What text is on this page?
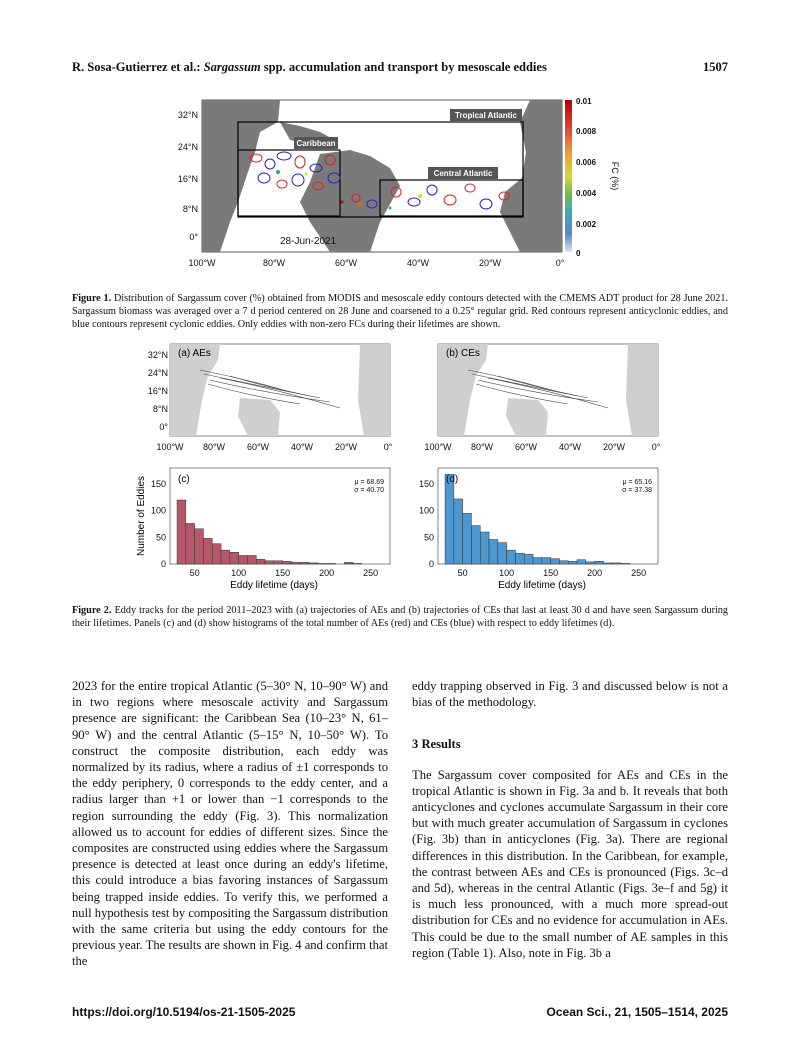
R. Sosa-Gutierrez et al.: Sargassum spp. accumulation and transport by mesoscale eddies	1507
Tropical Atlantic
Caribbean
Central Atlantic
28-Jun-2021
32°N
24°N
16°N
8°N
0°
100°W	80°W	60°W	40°W	20°W	0°
0.01
0.008
0.006
0.004
0.002
0
FC (%)
Figure 1. Distribution of Sargassum cover (%) obtained from MODIS and mesoscale eddy contours detected with the CMEMS ADT product for 28 June 2021. Sargassum biomass was averaged over a 7 d period centered on 28 June and coarsened to a 0.25° regular grid. Red contours represent anticyclonic eddies, and blue contours represent cyclonic eddies. Only eddies with non-zero FCs during their lifetimes are shown.
(a) AEs	(b) CEs
32°N
24°N
16°N
8°N
0°
100°W 80°W 60°W 40°W 20°W	0°	100°W 80°W 60°W 40°W 20°W	0°
(c)	(d)
μ = 68.69
σ = 40.70
μ = 65.16
σ = 37.38
50	100	150	200	250
0
50
100
150
50	100	150	200	250
0
50
100
150
Eddy lifetime (days)	Eddy lifetime (days)
Number of Eddies
Figure 2. Eddy tracks for the period 2011–2023 with (a) trajectories of AEs and (b) trajectories of CEs that last at least 30 d and have seen Sargassum during their lifetimes. Panels (c) and (d) show histograms of the total number of AEs (red) and CEs (blue) with respect to eddy lifetimes (d).

2023 for the entire tropical Atlantic (5–30° N, 10–90° W) and in two regions where mesoscale activity and Sargassum presence are significant: the Caribbean Sea (10–23° N, 61–90° W) and the central Atlantic (5–15° N, 10–50° W). To construct the composite distribution, each eddy was normalized by its radius, where a radius of ±1 corresponds to the eddy periphery, 0 corresponds to the eddy center, and a radius larger than +1 or lower than −1 corresponds to the region surrounding the eddy (Fig. 3). This normalization allowed us to account for eddies of different sizes. Since the composites are constructed using eddies where the Sargassum presence is detected at least once during an eddy's lifetime, this could introduce a bias favoring instances of Sargassum being trapped inside eddies. To verify this, we performed a null hypothesis test by compositing the Sargassum distribution with the same criteria but using the eddy contours for the previous year. The results are shown in Fig. 4 and confirm that the

eddy trapping observed in Fig. 3 and discussed below is not a bias of the methodology.

3 Results

The Sargassum cover composited for AEs and CEs in the tropical Atlantic is shown in Fig. 3a and b. It reveals that both anticyclones and cyclones accumulate Sargassum in their core but with much greater accumulation of Sargassum in cyclones (Fig. 3b) than in anticyclones (Fig. 3a). There are regional differences in this distribution. In the Caribbean, for example, the contrast between AEs and CEs is pronounced (Figs. 3c–d and 5d), whereas in the central Atlantic (Figs. 3e–f and 5g) it is much less pronounced, with a much more spread-out distribution for CEs and no evidence for accumulation in AEs. This could be due to the small number of AE samples in this region (Table 1). Also, note in Fig. 3b a

https://doi.org/10.5194/os-21-1505-2025	Ocean Sci., 21, 1505–1514, 2025
